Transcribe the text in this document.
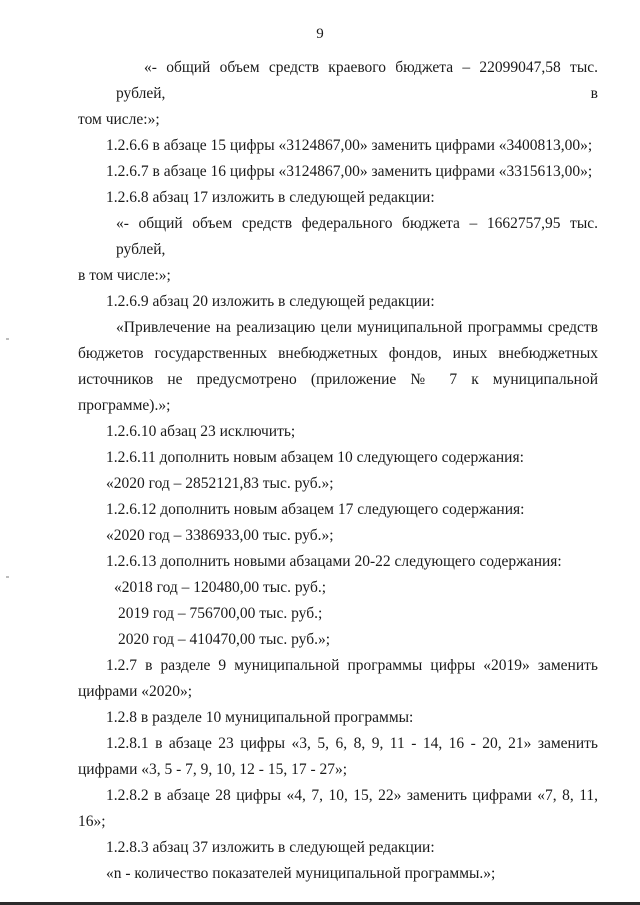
9

«- общий объем средств краевого бюджета – 22099047,58 тыс. рублей, в
том числе:»;

1.2.6.6 в абзаце 15 цифры «3124867,00» заменить цифрами «3400813,00»;

1.2.6.7 в абзаце 16 цифры «3124867,00» заменить цифрами «3315613,00»;

1.2.6.8 абзац 17 изложить в следующей редакции:

«- общий объем средств федерального бюджета – 1662757,95 тыс. рублей,
в том числе:»;

1.2.6.9 абзац 20 изложить в следующей редакции:

«Привлечение на реализацию цели муниципальной программы средств
бюджетов государственных внебюджетных фондов, иных внебюджетных
источников не предусмотрено (приложение № 7 к муниципальной
программе).»;

1.2.6.10 абзац 23 исключить;

1.2.6.11 дополнить новым абзацем 10 следующего содержания:

«2020 год – 2852121,83 тыс. руб.»;

1.2.6.12 дополнить новым абзацем 17 следующего содержания:

«2020 год – 3386933,00 тыс. руб.»;

1.2.6.13 дополнить новыми абзацами 20-22 следующего содержания:

«2018 год – 120480,00 тыс. руб.;

2019 год – 756700,00 тыс. руб.;

2020 год – 410470,00 тыс. руб.»;

1.2.7 в разделе 9 муниципальной программы цифры «2019» заменить
цифрами «2020»;

1.2.8 в разделе 10 муниципальной программы:

1.2.8.1 в абзаце 23 цифры «3, 5, 6, 8, 9, 11 - 14, 16 - 20, 21» заменить
цифрами «3, 5 - 7, 9, 10, 12 - 15, 17 - 27»;

1.2.8.2 в абзаце 28 цифры «4, 7, 10, 15, 22» заменить цифрами «7, 8, 11,
16»;

1.2.8.3 абзац 37 изложить в следующей редакции:

«n - количество показателей муниципальной программы.»;
